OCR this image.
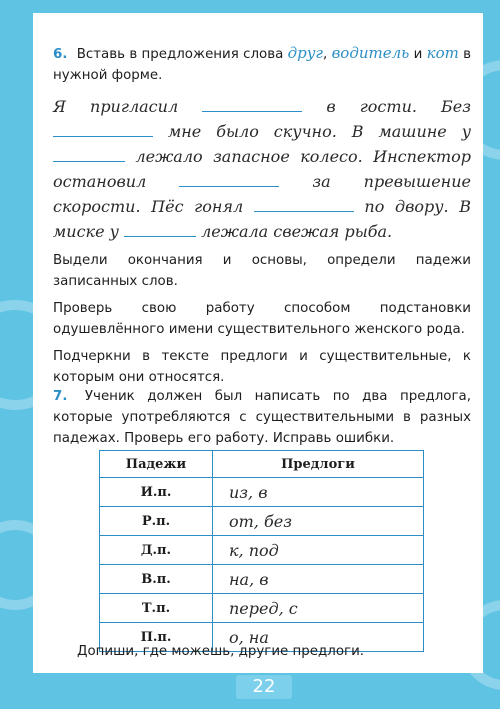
6. Вставь в предложения слова друг, водитель и кот в нужной форме.

Я пригласил	в гости. Без  мне было скучно. В машине у  лежало запасное колесо. Инспектор остановил	за превышение скорости. Пёс гонял	по двору. В миске у	лежала свежая рыба.

Выдели окончания и основы, определи падежи записанных слов.

Проверь свою работу способом подстановки одушевлённого имени существительного женского рода.

Подчеркни в тексте предлоги и существительные, к которым они относятся.

7. Ученик должен был написать по два предлога, которые употребляются с существительными в разных падежах. Проверь его работу. Исправь ошибки.

Падежи	Предлоги
И.п.	из, в
Р.п.	от, без
Д.п.	к, под
В.п.	на, в
Т.п.	перед, с
П.п.	о, на

Допиши, где можешь, другие предлоги.

22
